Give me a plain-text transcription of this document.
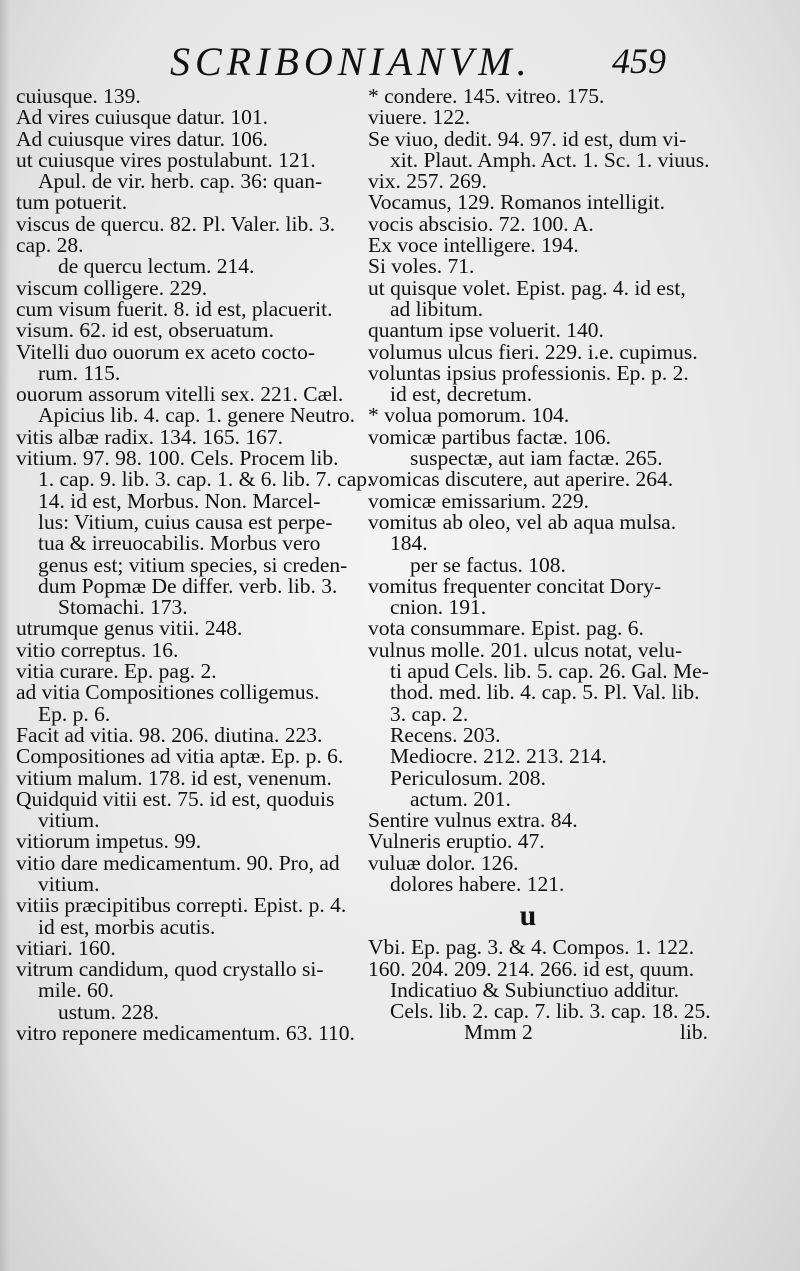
SCRIBONIANVM. 459
cuiusque. 139.
Ad vires cuiusque datur. 101.
Ad cuiusque vires datur. 106.
ut cuiusque vires postulabunt. 121.
Apul. de vir. herb. cap. 36: quan-
tum potuerit.
viscus de quercu. 82. Pl. Valer. lib. 3.
cap. 28.
de quercu lectum. 214.
viscum colligere. 229.
cum visum fuerit. 8. id est, placuerit.
visum. 62. id est, obseruatum.
Vitelli duo ouorum ex aceto cocto-
rum. 115.
ouorum assorum vitelli sex. 221. Cæl.
Apicius lib. 4. cap. 1. genere Neutro.
vitis albæ radix. 134. 165. 167.
vitium. 97. 98. 100. Cels. Procem lib.
1. cap. 9. lib. 3. cap. 1. & 6. lib. 7. cap.
14. id est, Morbus. Non. Marcel-
lus: Vitium, cuius causa est perpe-
tua & irreuocabilis. Morbus vero
genus est; vitium species, si creden-
dum Popmæ De differ. verb. lib. 3.
Stomachi. 173.
utrumque genus vitii. 248.
vitio correptus. 16.
vitia curare. Ep. pag. 2.
ad vitia Compositiones colligemus.
Ep. p. 6.
Facit ad vitia. 98. 206. diutina. 223.
Compositiones ad vitia aptæ. Ep. p. 6.
vitium malum. 178. id est, venenum.
Quidquid vitii est. 75. id est, quoduis
vitium.
vitiorum impetus. 99.
vitio dare medicamentum. 90. Pro, ad
vitium.
vitiis præcipitibus correpti. Epist. p. 4.
id est, morbis acutis.
vitiari. 160.
vitrum candidum, quod crystallo si-
mile. 60.
ustum. 228.
vitro reponere medicamentum. 63. 110.
* condere. 145. vitreo. 175.
viuere. 122.
Se viuo, dedit. 94. 97. id est, dum vi-
xit. Plaut. Amph. Act. 1. Sc. 1. viuus.
vix. 257. 269.
Vocamus, 129. Romanos intelligit.
vocis abscisio. 72. 100. A.
Ex voce intelligere. 194.
Si voles. 71.
ut quisque volet. Epist. pag. 4. id est,
ad libitum.
quantum ipse voluerit. 140.
volumus ulcus fieri. 229. i.e. cupimus.
voluntas ipsius professionis. Ep. p. 2.
id est, decretum.
* volua pomorum. 104.
vomicæ partibus factæ. 106.
suspectæ, aut iam factæ. 265.
vomicas discutere, aut aperire. 264.
vomicæ emissarium. 229.
vomitus ab oleo, vel ab aqua mulsa.
184.
per se factus. 108.
vomitus frequenter concitat Dory-
cnion. 191.
vota consummare. Epist. pag. 6.
vulnus molle. 201. ulcus notat, velu-
ti apud Cels. lib. 5. cap. 26. Gal. Me-
thod. med. lib. 4. cap. 5. Pl. Val. lib.
3. cap. 2.
Recens. 203.
Mediocre. 212. 213. 214.
Periculosum. 208.
actum. 201.
Sentire vulnus extra. 84.
Vulneris eruptio. 47.
vuluæ dolor. 126.
dolores habere. 121.
u
Vbi. Ep. pag. 3. & 4. Compos. 1. 122.
160. 204. 209. 214. 266. id est, quum.
Indicatiuo & Subiunctiuo additur.
Cels. lib. 2. cap. 7. lib. 3. cap. 18. 25.
Mmm 2	lib.
